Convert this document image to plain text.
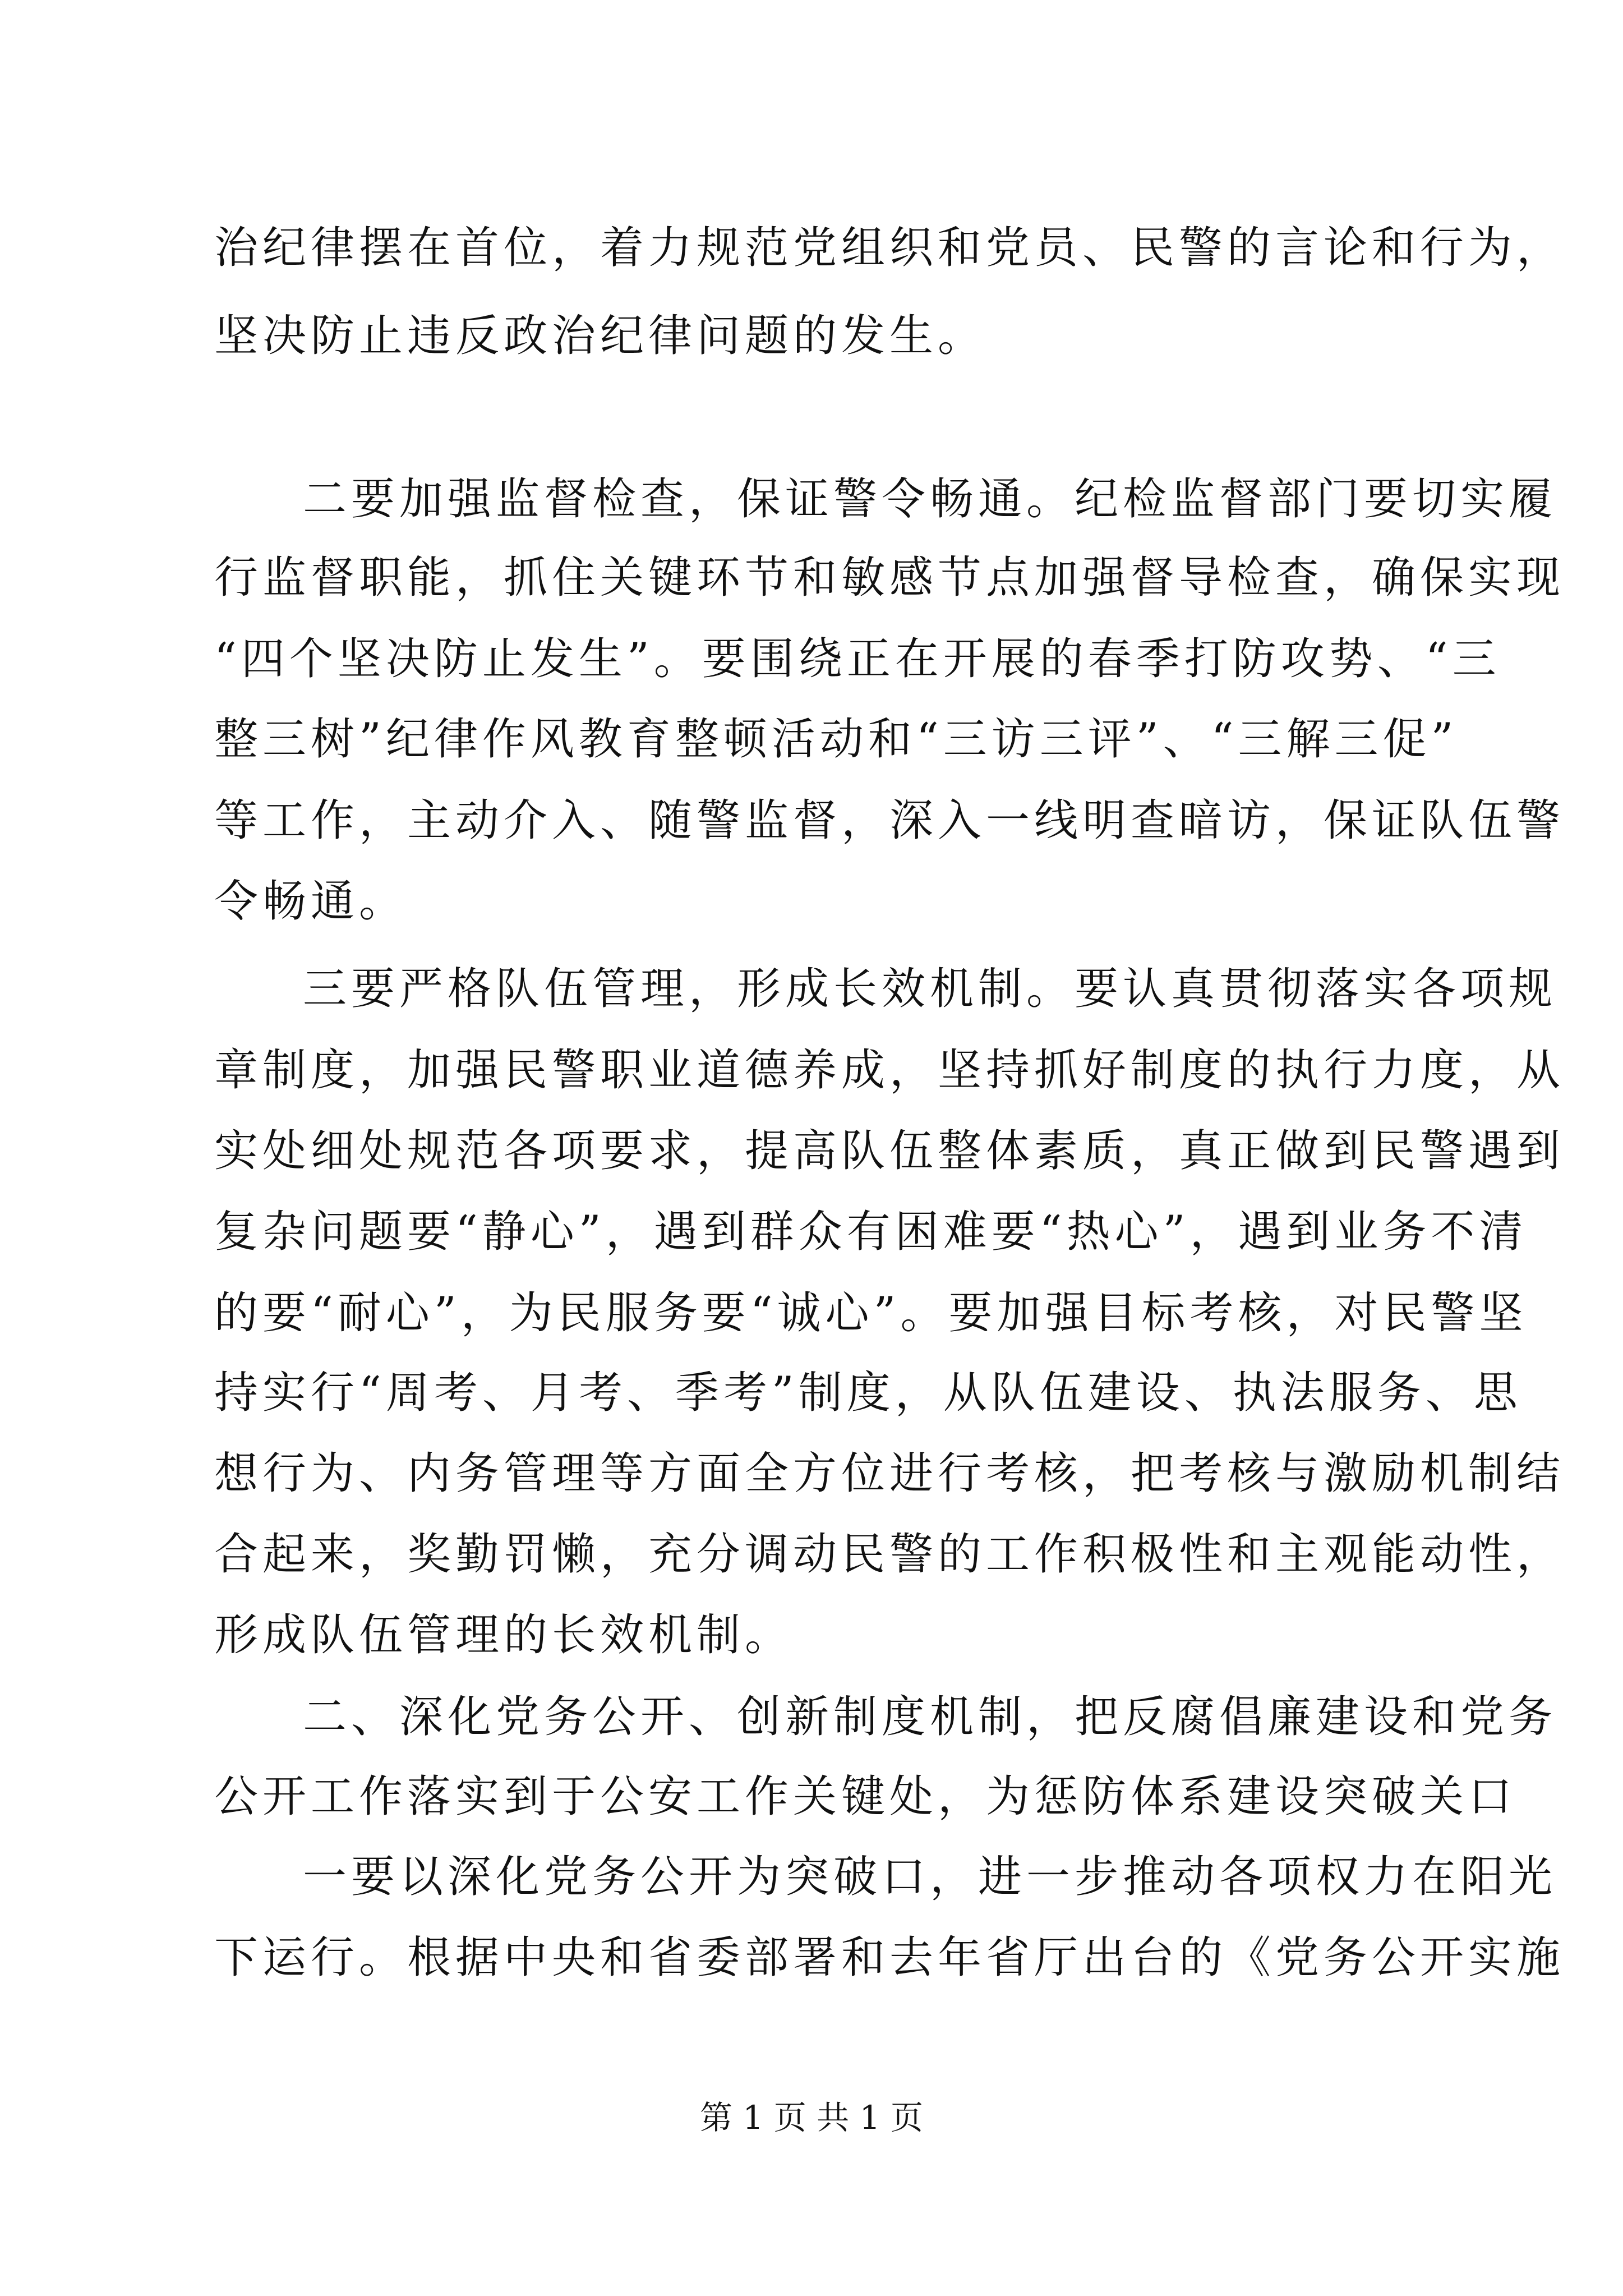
治纪律摆在首位，着力规范党组织和党员、民警的言论和行为，
坚决防止违反政治纪律问题的发生。
二要加强监督检查，保证警令畅通。纪检监督部门要切实履
行监督职能，抓住关键环节和敏感节点加强督导检查，确保实现
“四个坚决防止发生”。要围绕正在开展的春季打防攻势、“三
整三树”纪律作风教育整顿活动和“三访三评”、“三解三促”
等工作，主动介入、随警监督，深入一线明查暗访，保证队伍警
令畅通。
三要严格队伍管理，形成长效机制。要认真贯彻落实各项规
章制度，加强民警职业道德养成，坚持抓好制度的执行力度，从
实处细处规范各项要求，提高队伍整体素质，真正做到民警遇到
复杂问题要“静心”，遇到群众有困难要“热心”，遇到业务不清
的要“耐心”，为民服务要“诚心”。要加强目标考核，对民警坚
持实行“周考、月考、季考”制度，从队伍建设、执法服务、思
想行为、内务管理等方面全方位进行考核，把考核与激励机制结
合起来，奖勤罚懒，充分调动民警的工作积极性和主观能动性，
形成队伍管理的长效机制。
二、深化党务公开、创新制度机制，把反腐倡廉建设和党务
公开工作落实到于公安工作关键处，为惩防体系建设突破关口
一要以深化党务公开为突破口，进一步推动各项权力在阳光
下运行。根据中央和省委部署和去年省厅出台的《党务公开实施
第 1 页 共 1 页
